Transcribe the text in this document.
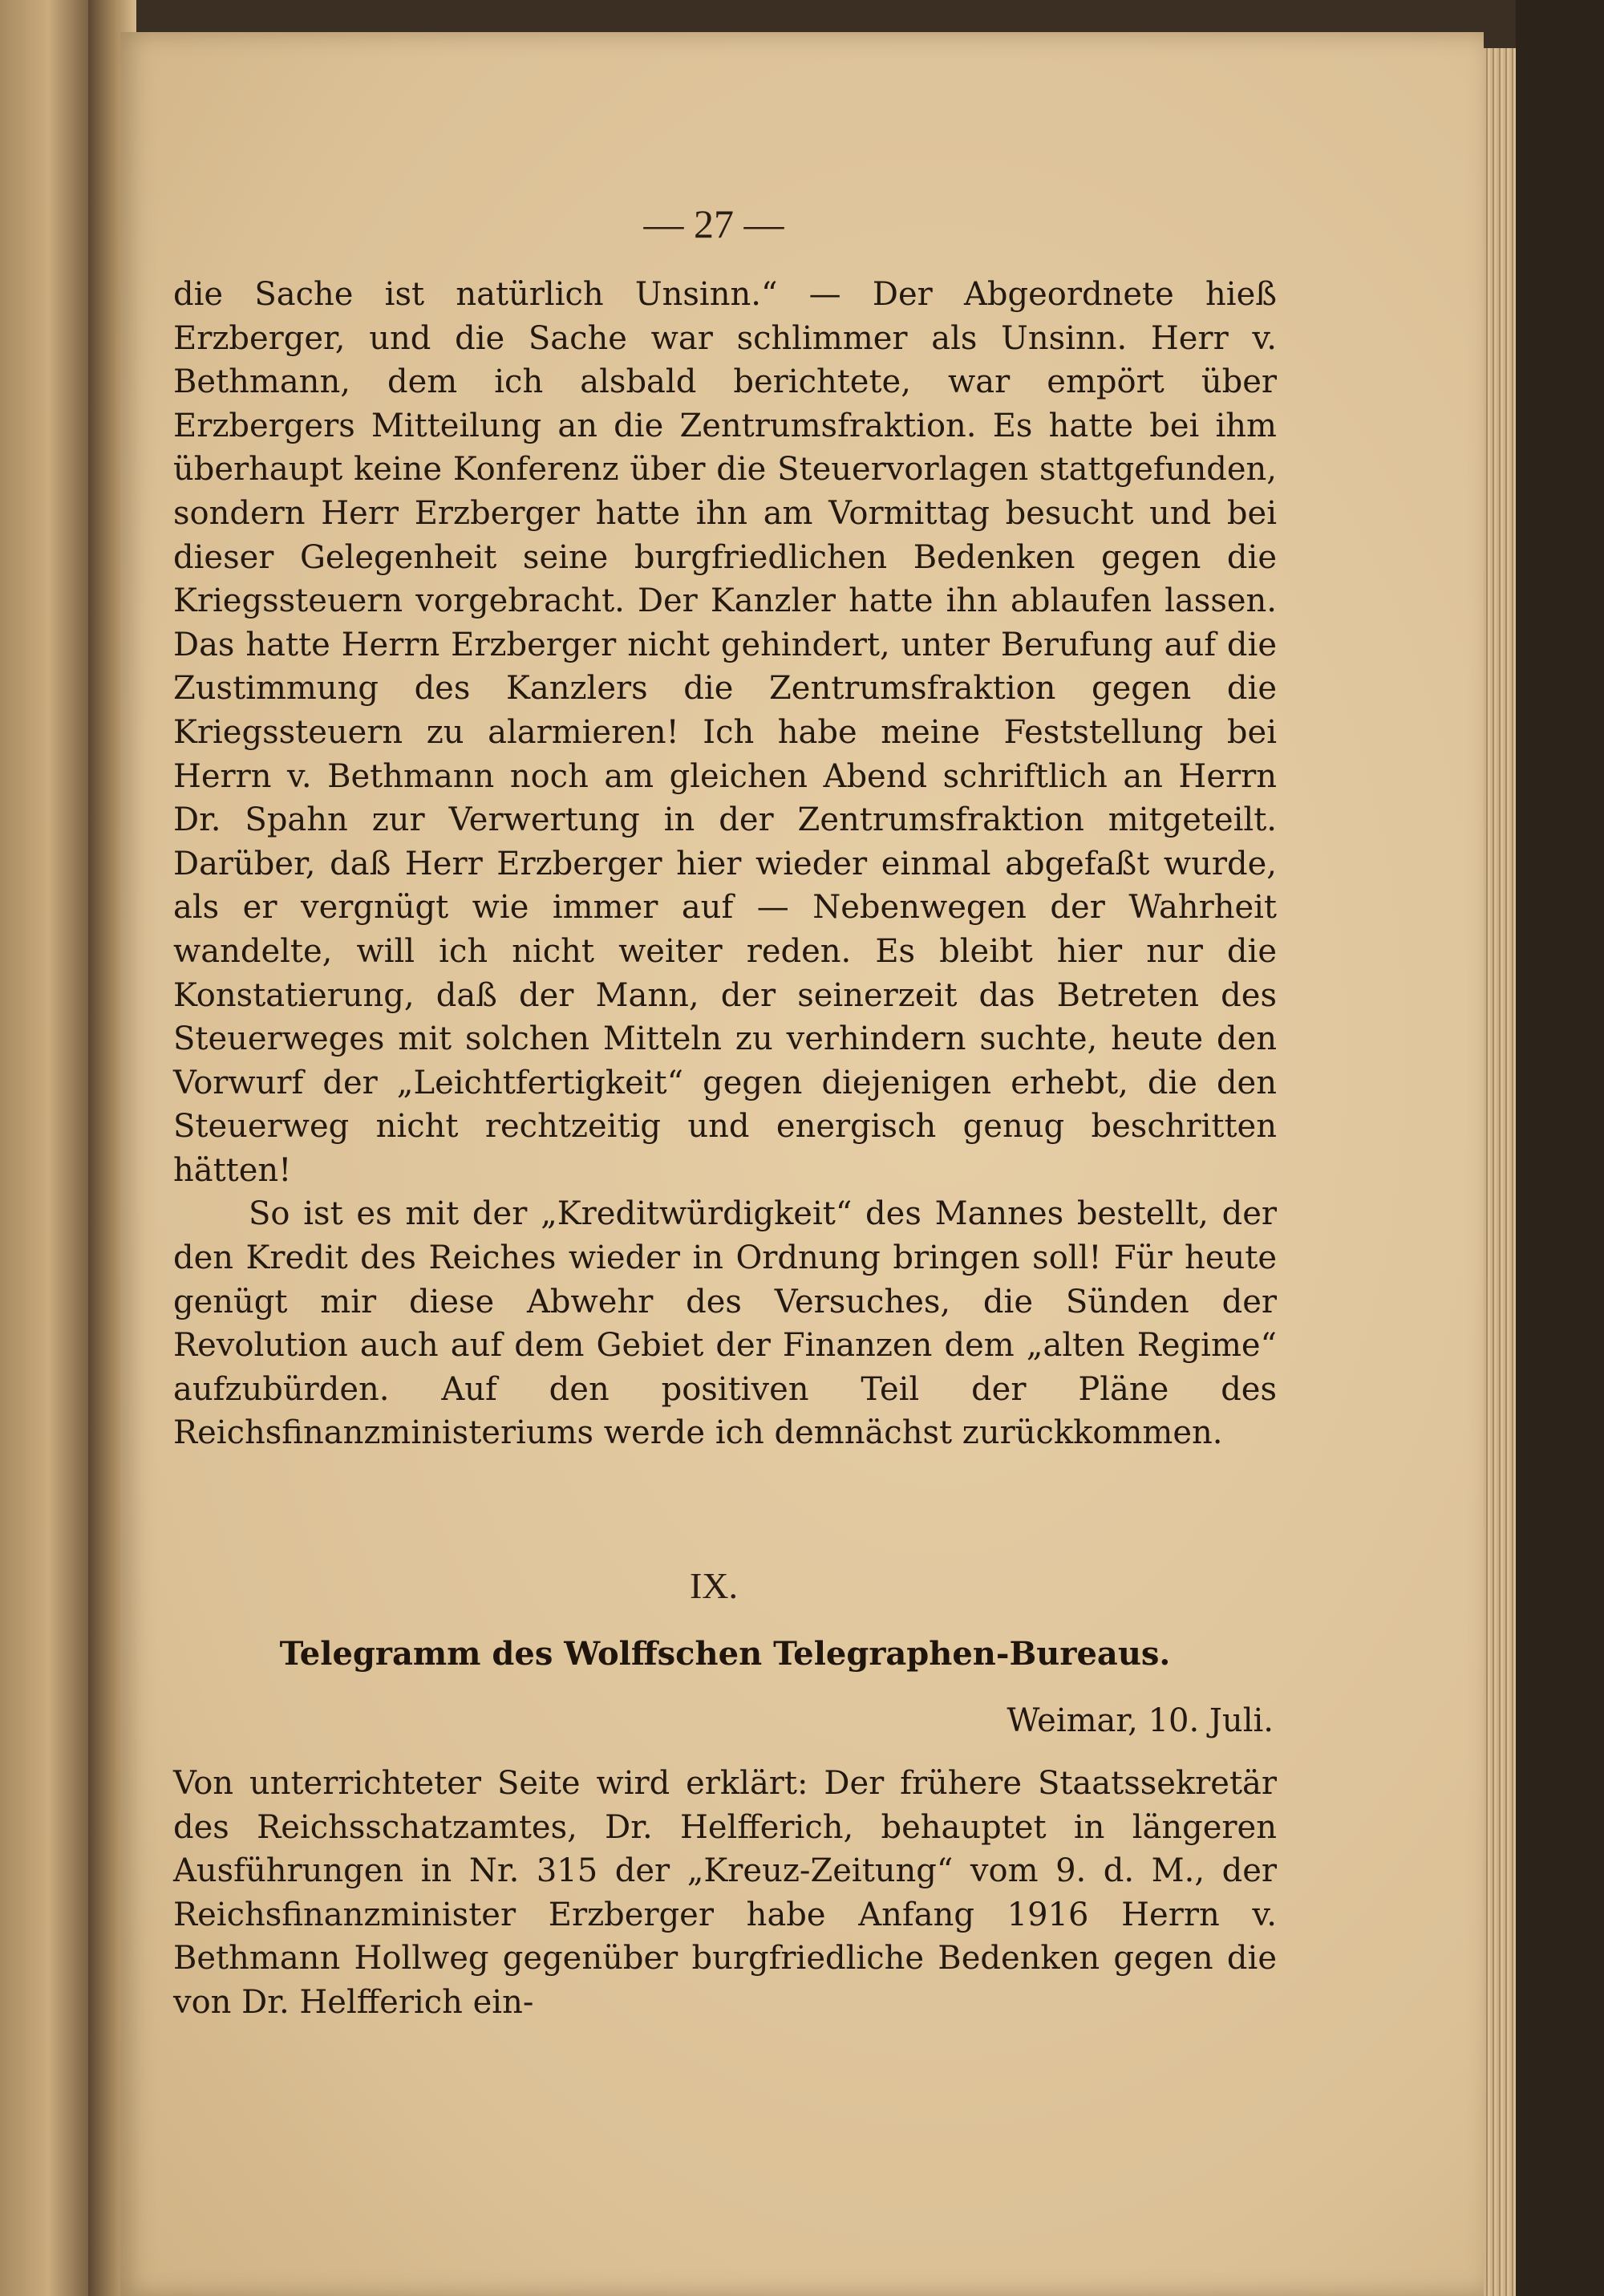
— 27 —

die Sache ist natürlich Unsinn.“ — Der Abgeordnete hieß Erzberger, und die Sache war schlimmer als Unsinn. Herr v. Bethmann, dem ich alsbald berichtete, war empört über Erzbergers Mitteilung an die Zentrumsfraktion. Es hatte bei ihm überhaupt keine Konferenz über die Steuervorlagen stattgefunden, sondern Herr Erzberger hatte ihn am Vormittag besucht und bei dieser Gelegenheit seine burgfriedlichen Bedenken gegen die Kriegssteuern vorgebracht. Der Kanzler hatte ihn ablaufen lassen. Das hatte Herrn Erzberger nicht gehindert, unter Berufung auf die Zustimmung des Kanzlers die Zentrumsfraktion gegen die Kriegssteuern zu alarmieren! Ich habe meine Feststellung bei Herrn v. Bethmann noch am gleichen Abend schriftlich an Herrn Dr. Spahn zur Verwertung in der Zentrumsfraktion mitgeteilt. Darüber, daß Herr Erzberger hier wieder einmal abgefaßt wurde, als er vergnügt wie immer auf — Nebenwegen der Wahrheit wandelte, will ich nicht weiter reden. Es bleibt hier nur die Konstatierung, daß der Mann, der seinerzeit das Betreten des Steuerweges mit solchen Mitteln zu verhindern suchte, heute den Vorwurf der „Leichtfertigkeit“ gegen diejenigen erhebt, die den Steuerweg nicht rechtzeitig und energisch genug beschritten hätten!

So ist es mit der „Kreditwürdigkeit“ des Mannes bestellt, der den Kredit des Reiches wieder in Ordnung bringen soll! Für heute genügt mir diese Abwehr des Versuches, die Sünden der Revolution auch auf dem Gebiet der Finanzen dem „alten Regime“ aufzubürden. Auf den positiven Teil der Pläne des Reichsfinanzministeriums werde ich demnächst zurückkommen.

IX.
Telegramm des Wolffschen Telegraphen-Bureaus.
Weimar, 10. Juli.

Von unterrichteter Seite wird erklärt: Der frühere Staatssekretär des Reichsschatzamtes, Dr. Helfferich, behauptet in längeren Ausführungen in Nr. 315 der „Kreuz-Zeitung“ vom 9. d. M., der Reichsfinanzminister Erzberger habe Anfang 1916 Herrn v. Bethmann Hollweg gegenüber burgfriedliche Bedenken gegen die von Dr. Helfferich ein-
